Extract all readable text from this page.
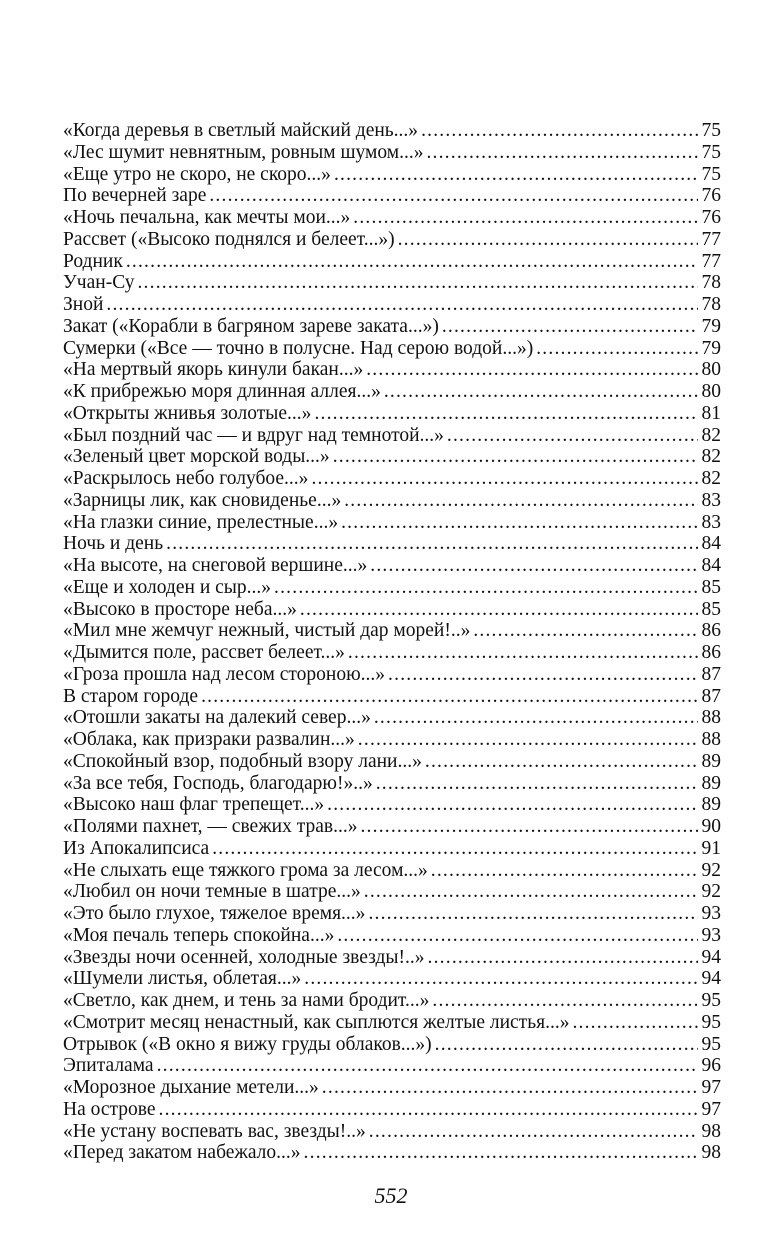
«Когда деревья в светлый майский день...» .....	75
«Лес шумит невнятным, ровным шумом...» .....	75
«Еще утро не скоро, не скоро...» .....	75
По вечерней заре .....	76
«Ночь печальна, как мечты мои...» .....	76
Рассвет («Высоко поднялся и белеет...») .....	77
Родник .....	77
Учан-Су .....	78
Зной .....	78
Закат («Корабли в багряном зареве заката...») .....	79
Сумерки («Все — точно в полусне. Над серою водой...») .....	79
«На мертвый якорь кинули бакан...» .....	80
«К прибрежью моря длинная аллея...» .....	80
«Открыты жнивья золотые...» .....	81
«Был поздний час — и вдруг над темнотой...» .....	82
«Зеленый цвет морской воды...» .....	82
«Раскрылось небо голубое...» .....	82
«Зарницы лик, как сновиденье...» .....	83
«На глазки синие, прелестные...» .....	83
Ночь и день .....	84
«На высоте, на снеговой вершине...» .....	84
«Еще и холоден и сыр...» .....	85
«Высоко в просторе неба...» .....	85
«Мил мне жемчуг нежный, чистый дар морей!..» .....	86
«Дымится поле, рассвет белеет...» .....	86
«Гроза прошла над лесом стороною...» .....	87
В старом городе .....	87
«Отошли закаты на далекий север...» .....	88
«Облака, как призраки развалин...» .....	88
«Спокойный взор, подобный взору лани...» .....	89
«За все тебя, Господь, благодарю!»..» .....	89
«Высоко наш флаг трепещет...» .....	89
«Полями пахнет, — свежих трав...» .....	90
Из Апокалипсиса .....	91
«Не слыхать еще тяжкого грома за лесом...» .....	92
«Любил он ночи темные в шатре...» .....	92
«Это было глухое, тяжелое время...» .....	93
«Моя печаль теперь спокойна...» .....	93
«Звезды ночи осенней, холодные звезды!..» .....	94
«Шумели листья, облетая...» .....	94
«Светло, как днем, и тень за нами бродит...» .....	95
«Смотрит месяц ненастный, как сыплются желтые листья...» .....	95
Отрывок («В окно я вижу груды облаков...») .....	95
Эпиталама .....	96
«Морозное дыхание метели...» .....	97
На острове .....	97
«Не устану воспевать вас, звезды!..» .....	98
«Перед закатом набежало...» .....	98
552
